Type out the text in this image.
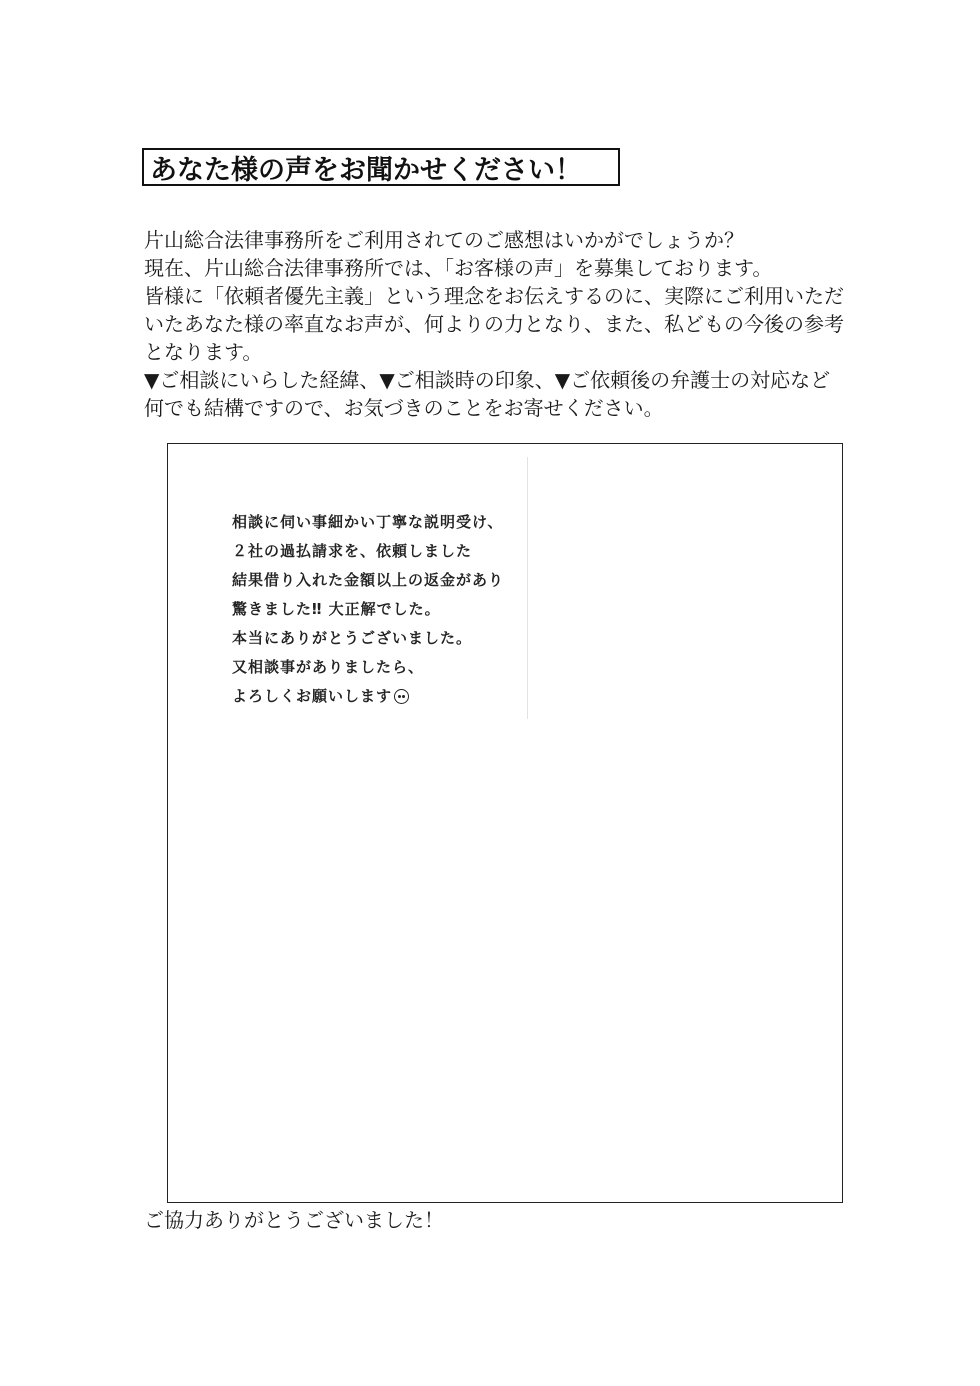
あなた様の声をお聞かせください！
片山総合法律事務所をご利用されてのご感想はいかがでしょうか？
現在、片山総合法律事務所では、「お客様の声」を募集しております。
皆様に「依頼者優先主義」という理念をお伝えするのに、実際にご利用いただ
いたあなた様の率直なお声が、何よりの力となり、また、私どもの今後の参考
となります。
▼ご相談にいらした経緯、▼ご相談時の印象、▼ご依頼後の弁護士の対応など
何でも結構ですので、お気づきのことをお寄せください。
相談に伺い事細かい丁寧な説明受け、
２社の過払請求を、依頼しました
結果借り入れた金額以上の返金があり
驚きました‼ 大正解でした。
本当にありがとうございました。
又相談事がありましたら、
よろしくお願いします
ご協力ありがとうございました！
